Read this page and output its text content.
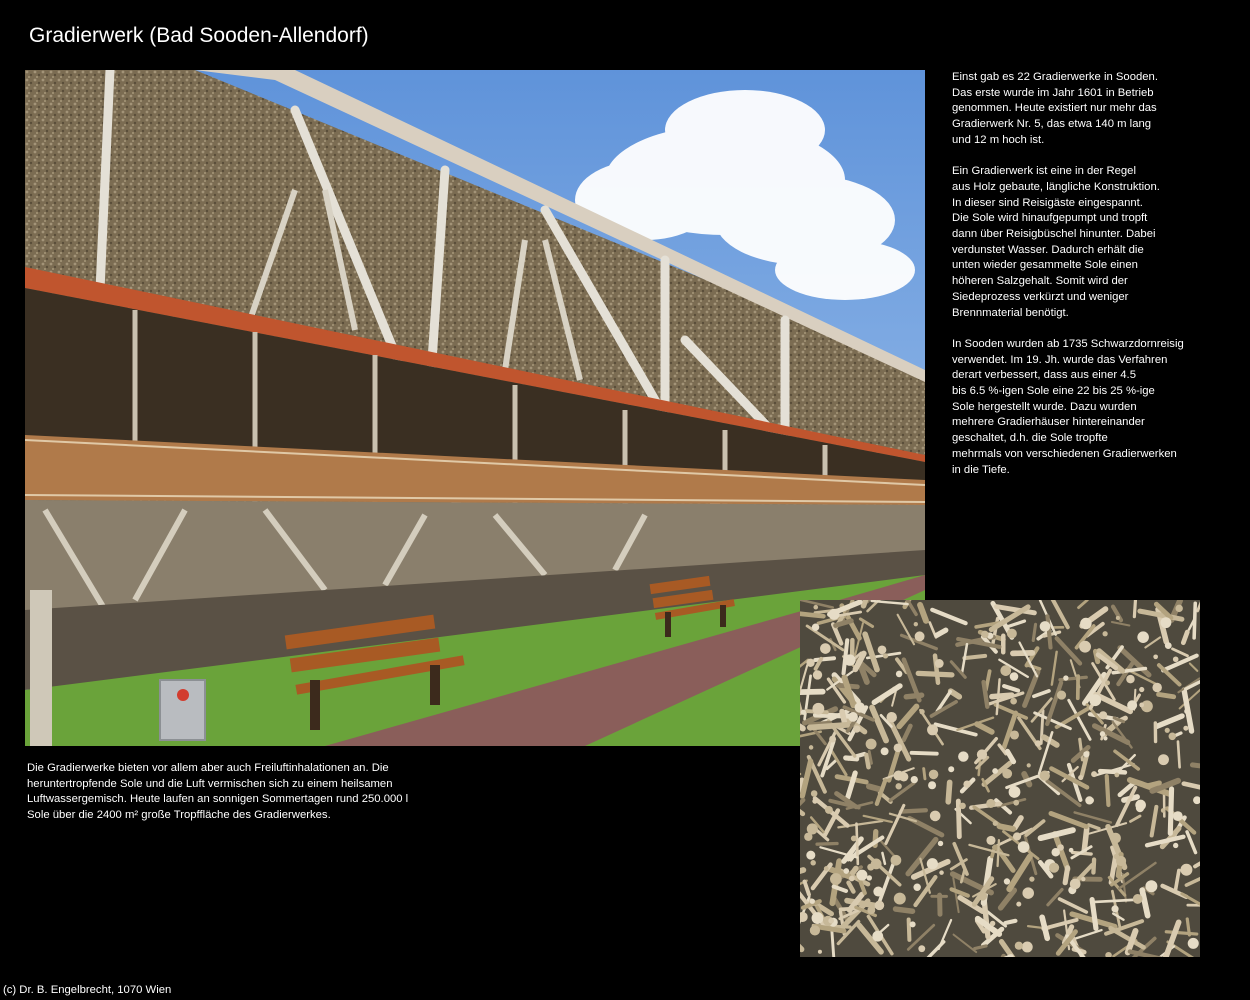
Gradierwerk (Bad Sooden-Allendorf)

Einst gab es 22 Gradierwerke in Sooden.
Das erste wurde im Jahr 1601 in Betrieb
genommen. Heute existiert nur mehr das
Gradierwerk Nr. 5, das etwa 140 m lang
und 12 m hoch ist.

Ein Gradierwerk ist eine in der Regel
aus Holz gebaute, längliche Konstruktion.
In dieser sind Reisigäste eingespannt.
Die Sole wird hinaufgepumpt und tropft
dann über Reisigbüschel hinunter. Dabei
verdunstet Wasser. Dadurch erhält die
unten wieder gesammelte Sole einen
höheren Salzgehalt. Somit wird der
Siedeprozess verkürzt und weniger
Brennmaterial benötigt.

In Sooden wurden ab 1735 Schwarzdornreisig
verwendet. Im 19. Jh. wurde das Verfahren
derart verbessert, dass aus einer 4.5
bis 6.5 %-igen Sole eine 22 bis 25 %-ige
Sole hergestellt wurde. Dazu wurden
mehrere Gradierhäuser hintereinander
geschaltet, d.h. die Sole tropfte
mehrmals von verschiedenen Gradierwerken
in die Tiefe.

Die Gradierwerke bieten vor allem aber auch Freiluftinhalationen an. Die
heruntertropfende Sole und die Luft vermischen sich zu einem heilsamen
Luftwassergemisch. Heute laufen an sonnigen Sommertagen rund 250.000 l
Sole über die 2400 m² große Tropffläche des Gradierwerkes.

(c) Dr. B. Engelbrecht, 1070 Wien
